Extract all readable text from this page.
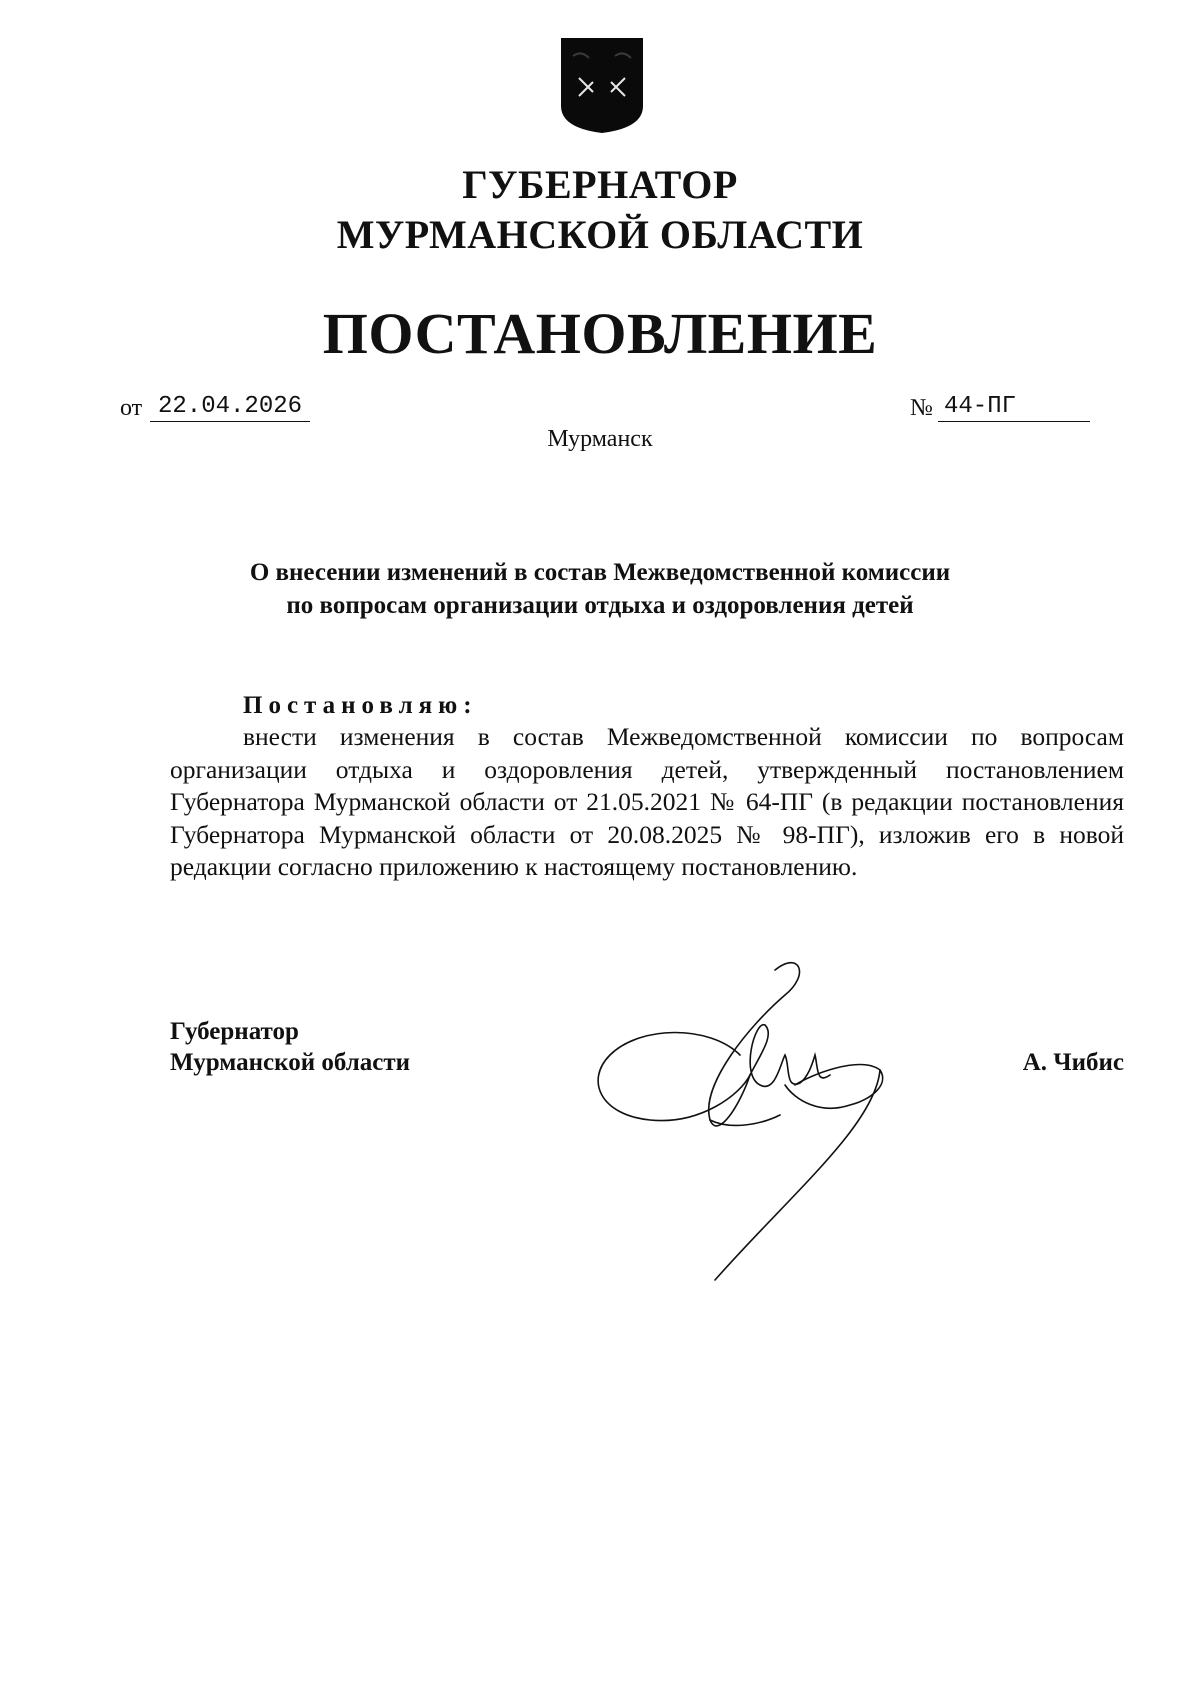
ГУБЕРНАТОР
МУРМАНСКОЙ ОБЛАСТИ
ПОСТАНОВЛЕНИЕ
от 22.04.2026	№ 44-ПГ
Мурманск
О внесении изменений в состав Межведомственной комиссии
по вопросам организации отдыха и оздоровления детей
Постановляю:
внести изменения в состав Межведомственной комиссии по вопросам организации отдыха и оздоровления детей, утвержденный постановлением Губернатора Мурманской области от 21.05.2021 № 64-ПГ (в редакции постановления Губернатора Мурманской области от 20.08.2025 № 98-ПГ), изложив его в новой редакции согласно приложению к настоящему постановлению.
Губернатор
Мурманской области	А. Чибис
